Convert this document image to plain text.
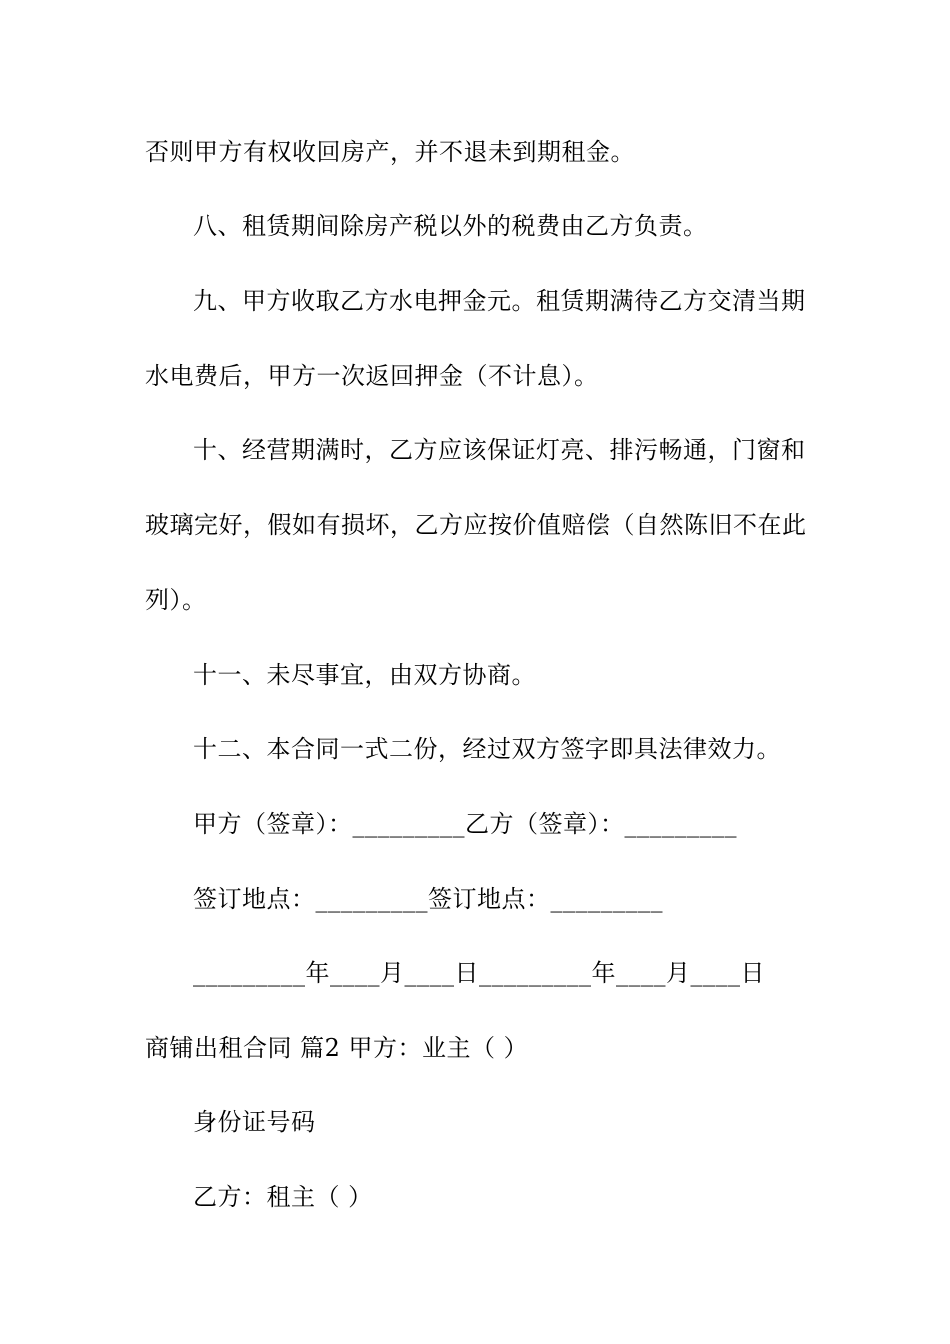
否则甲方有权收回房产，并不退未到期租金。
八、租赁期间除房产税以外的税费由乙方负责。
九、甲方收取乙方水电押金元。租赁期满待乙方交清当期
水电费后，甲方一次返回押金（不计息）。
十、经营期满时，乙方应该保证灯亮、排污畅通，门窗和
玻璃完好，假如有损坏，乙方应按价值赔偿（自然陈旧不在此
列）。
十一、未尽事宜，由双方协商。
十二、本合同一式二份，经过双方签字即具法律效力。
甲方（签章）：_________乙方（签章）：_________
签订地点：_________签订地点：_________
_________年____月____日_________年____月____日
商铺出租合同 篇2 甲方：业主（ ）
身份证号码
乙方：租主（ ）
